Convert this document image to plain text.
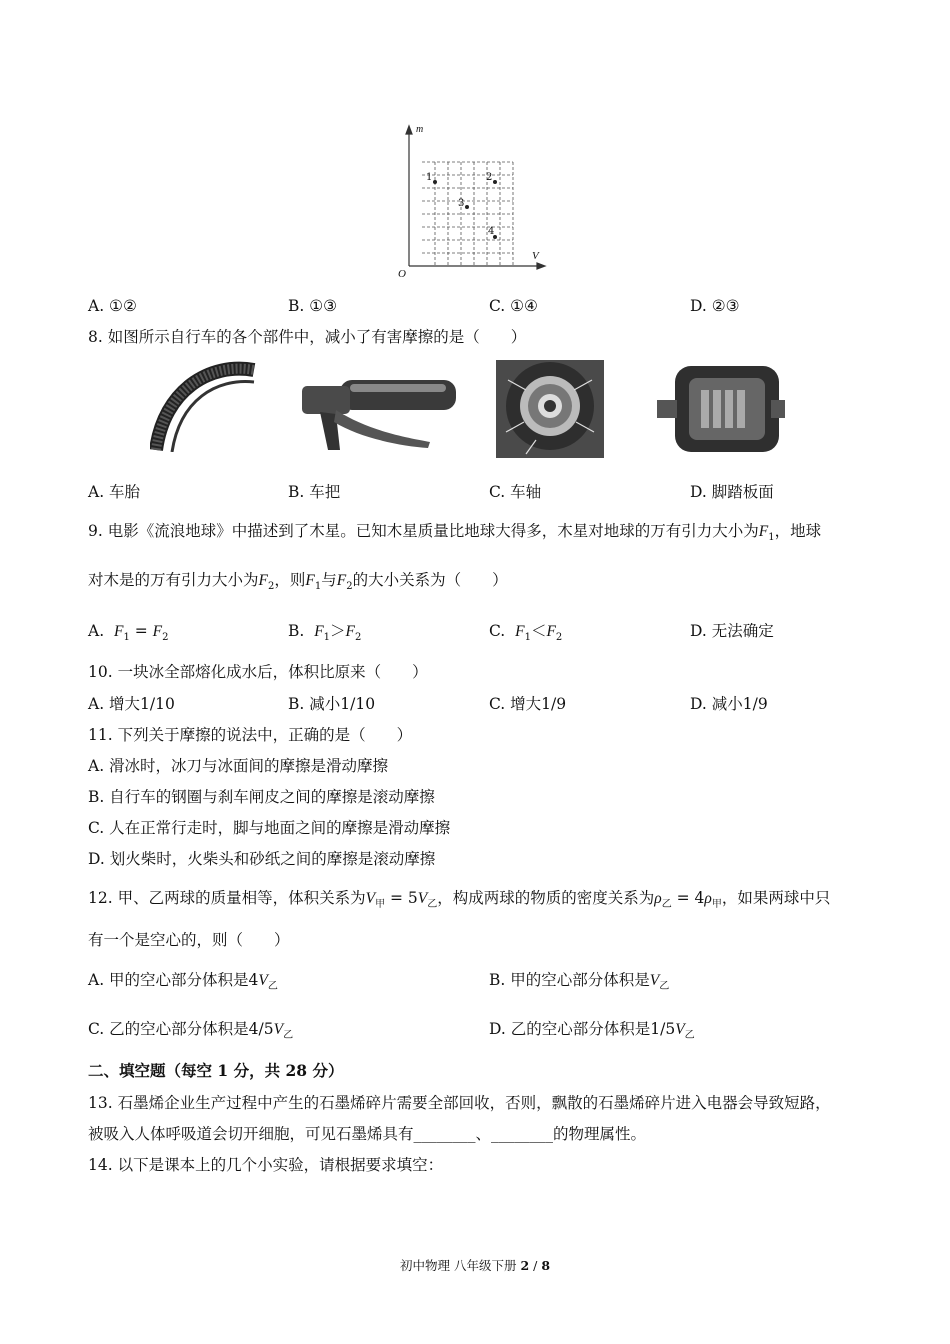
m
V
O
1	2
3
4
A. ①②	B. ①③	C. ①④	D. ②③
8. 如图所示自行车的各个部件中，减小了有害摩擦的是（　　）
A. 车胎	B. 车把	C. 车轴	D. 脚踏板面
9. 电影《流浪地球》中描述到了木星。已知木星质量比地球大得多，木星对地球的万有引力大小为$F_1$，地球
对木是的万有引力大小为$F_2$，则$F_1$与$F_2$的大小关系为（　　）
A. $F_1 = F_2$	B. $F_1>F_2$	C. $F_1<F_2$	D. 无法确定
10. 一块冰全部熔化成水后，体积比原来（　　）
A. 增大1/10	B. 减小1/10	C. 增大1/9	D. 减小1/9
11. 下列关于摩擦的说法中，正确的是（　　）
A. 滑冰时，冰刀与冰面间的摩擦是滑动摩擦
B. 自行车的钢圈与刹车闸皮之间的摩擦是滚动摩擦
C. 人在正常行走时，脚与地面之间的摩擦是滑动摩擦
D. 划火柴时，火柴头和砂纸之间的摩擦是滚动摩擦
12. 甲、乙两球的质量相等，体积关系为$V_甲 = 5V_乙$，构成两球的物质的密度关系为$\rho_乙 = 4\rho_甲$，如果两球中只
有一个是空心的，则（　　）
A. 甲的空心部分体积是$4V_乙$	B. 甲的空心部分体积是$V_乙$
C. 乙的空心部分体积是$4/5V_乙$	D. 乙的空心部分体积是$1/5V_乙$
二、填空题（每空 1 分，共 28 分）
13. 石墨烯企业生产过程中产生的石墨烯碎片需要全部回收，否则，飘散的石墨烯碎片进入电器会导致短路，
被吸入人体呼吸道会切开细胞，可见石墨烯具有________、________的物理属性。
14. 以下是课本上的几个小实验，请根据要求填空：
初中物理 八年级下册 2 / 8
